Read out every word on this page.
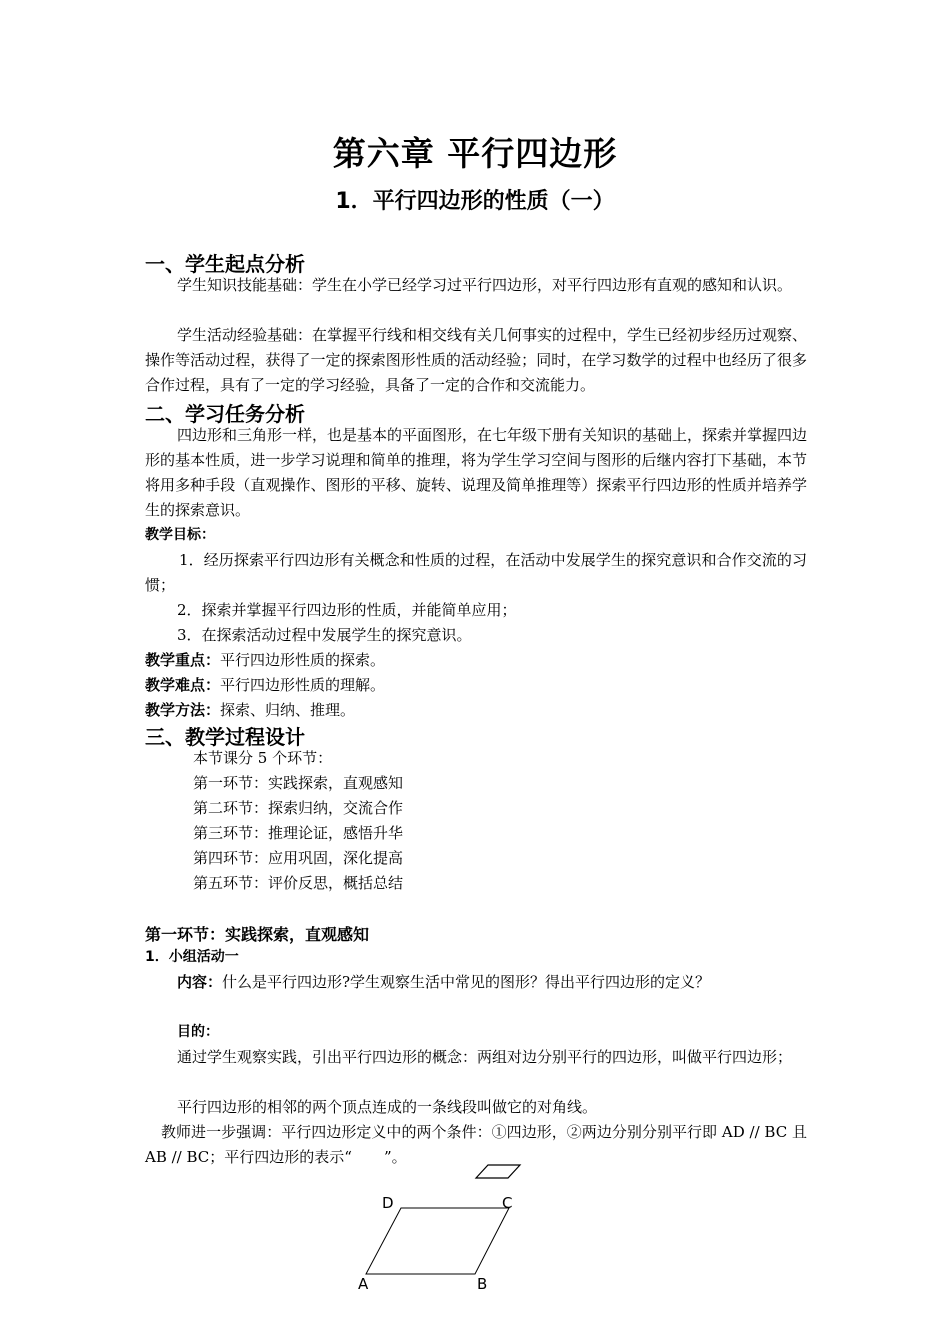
第六章 平行四边形
1．平行四边形的性质（一）
一、学生起点分析
学生知识技能基础：学生在小学已经学习过平行四边形，对平行四边形有直观的感知和认识。
学生活动经验基础：在掌握平行线和相交线有关几何事实的过程中，学生已经初步经历过观察、操作等活动过程，获得了一定的探索图形性质的活动经验；同时，在学习数学的过程中也经历了很多合作过程，具有了一定的学习经验，具备了一定的合作和交流能力。
二、学习任务分析
四边形和三角形一样，也是基本的平面图形，在七年级下册有关知识的基础上，探索并掌握四边形的基本性质，进一步学习说理和简单的推理，将为学生学习空间与图形的后继内容打下基础，本节将用多种手段（直观操作、图形的平移、旋转、说理及简单推理等）探索平行四边形的性质并培养学生的探索意识。
教学目标：
1．经历探索平行四边形有关概念和性质的过程，在活动中发展学生的探究意识和合作交流的习惯；
2．探索并掌握平行四边形的性质，并能简单应用；
3．在探索活动过程中发展学生的探究意识。
教学重点：平行四边形性质的探索。
教学难点：平行四边形性质的理解。
教学方法：探索、归纳、推理。
三、教学过程设计
本节课分 5 个环节：
第一环节：实践探索，直观感知
第二环节：探索归纳，交流合作
第三环节：推理论证，感悟升华
第四环节：应用巩固，深化提高
第五环节：评价反思，概括总结
第一环节：实践探索，直观感知
1．小组活动一
内容：什么是平行四边形?学生观察生活中常见的图形？得出平行四边形的定义？
目的：
通过学生观察实践，引出平行四边形的概念：两组对边分别平行的四边形，叫做平行四边形；
平行四边形的相邻的两个顶点连成的一条线段叫做它的对角线。
教师进一步强调：平行四边形定义中的两个条件：①四边形，②两边分别分别平行即 AD // BC 且 AB // BC；平行四边形的表示“ ”。
D	C
A	B
